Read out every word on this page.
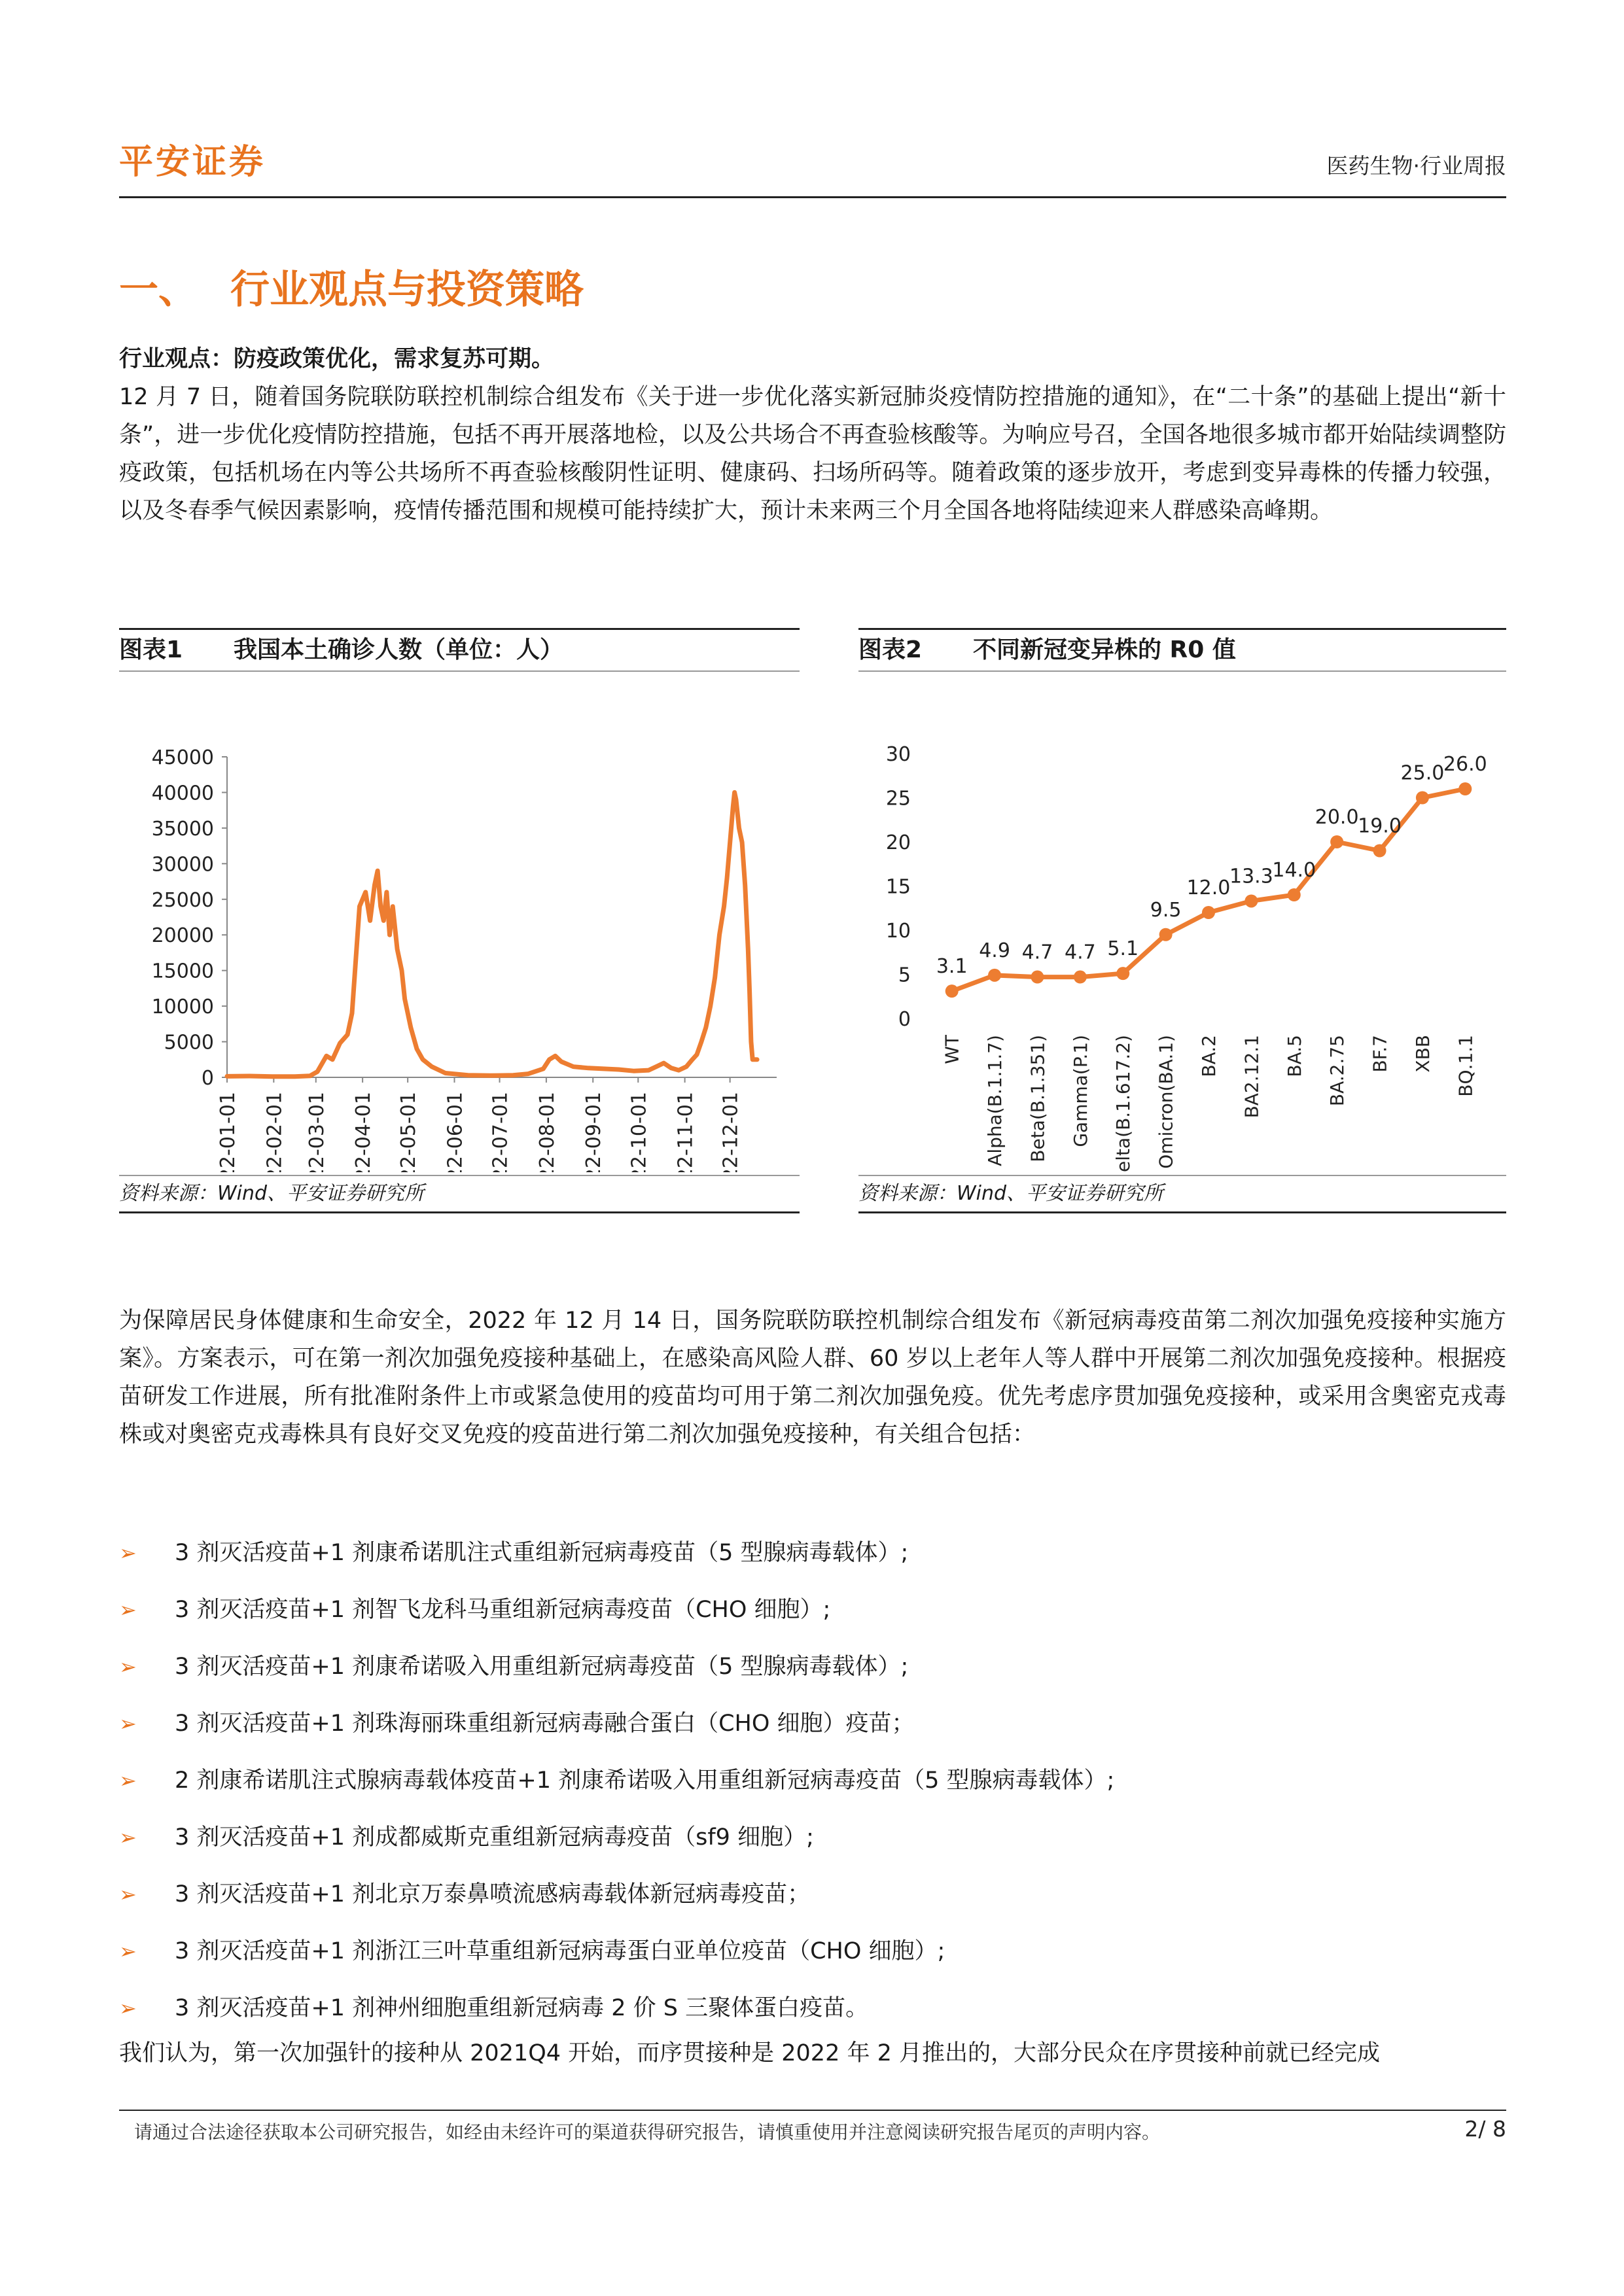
平安证券	医药生物·行业周报
一、 行业观点与投资策略
行业观点：防疫政策优化，需求复苏可期。
12 月 7 日，随着国务院联防联控机制综合组发布《关于进一步优化落实新冠肺炎疫情防控措施的通知》，在“二十条”的基础上提出“新十条”，进一步优化疫情防控措施，包括不再开展落地检，以及公共场合不再查验核酸等。为响应号召，全国各地很多城市都开始陆续调整防疫政策，包括机场在内等公共场所不再查验核酸阴性证明、健康码、扫场所码等。随着政策的逐步放开，考虑到变异毒株的传播力较强，以及冬春季气候因素影响，疫情传播范围和规模可能持续扩大，预计未来两三个月全国各地将陆续迎来人群感染高峰期。
图表1 我国本土确诊人数（单位：人）
45000
40000
35000
30000
25000
20000
15000
10000
5000
0
2022-01-01 2022-02-01 2022-03-01 2022-04-01 2022-05-01 2022-06-01 2022-07-01 2022-08-01 2022-09-01 2022-10-01 2022-11-01 2022-12-01
资料来源：Wind、平安证券研究所
图表2 不同新冠变异株的 R0 值
30
25
20
15
10
5
0
WT Alpha(B.1.1.7) Beta(B.1.351) Gamma(P.1) Delta(B.1.617.2) Omicron(BA.1) BA.2 BA2.12.1 BA.5 BA.2.75 BF.7 XBB BQ.1.1
3.1
4.9 4.7 4.7 5.1
9.5
12.0
13.3
14.0
20.0
19.0
25.0
26.0
资料来源：Wind、平安证券研究所
为保障居民身体健康和生命安全，2022 年 12 月 14 日，国务院联防联控机制综合组发布《新冠病毒疫苗第二剂次加强免疫接种实施方案》。方案表示，可在第一剂次加强免疫接种基础上，在感染高风险人群、60 岁以上老年人等人群中开展第二剂次加强免疫接种。根据疫苗研发工作进展，所有批准附条件上市或紧急使用的疫苗均可用于第二剂次加强免疫。优先考虑序贯加强免疫接种，或采用含奥密克戎毒株或对奥密克戎毒株具有良好交叉免疫的疫苗进行第二剂次加强免疫接种，有关组合包括：
➢ 3 剂灭活疫苗+1 剂康希诺肌注式重组新冠病毒疫苗（5 型腺病毒载体）;
➢ 3 剂灭活疫苗+1 剂智飞龙科马重组新冠病毒疫苗（CHO 细胞）;
➢ 3 剂灭活疫苗+1 剂康希诺吸入用重组新冠病毒疫苗（5 型腺病毒载体）;
➢ 3 剂灭活疫苗+1 剂珠海丽珠重组新冠病毒融合蛋白（CHO 细胞）疫苗；
➢ 2 剂康希诺肌注式腺病毒载体疫苗+1 剂康希诺吸入用重组新冠病毒疫苗（5 型腺病毒载体）;
➢ 3 剂灭活疫苗+1 剂成都威斯克重组新冠病毒疫苗（sf9 细胞）;
➢ 3 剂灭活疫苗+1 剂北京万泰鼻喷流感病毒载体新冠病毒疫苗；
➢ 3 剂灭活疫苗+1 剂浙江三叶草重组新冠病毒蛋白亚单位疫苗（CHO 细胞）;
➢ 3 剂灭活疫苗+1 剂神州细胞重组新冠病毒 2 价 S 三聚体蛋白疫苗。
我们认为，第一次加强针的接种从 2021Q4 开始，而序贯接种是 2022 年 2 月推出的，大部分民众在序贯接种前就已经完成
请通过合法途径获取本公司研究报告，如经由未经许可的渠道获得研究报告，请慎重使用并注意阅读研究报告尾页的声明内容。	2/ 8
